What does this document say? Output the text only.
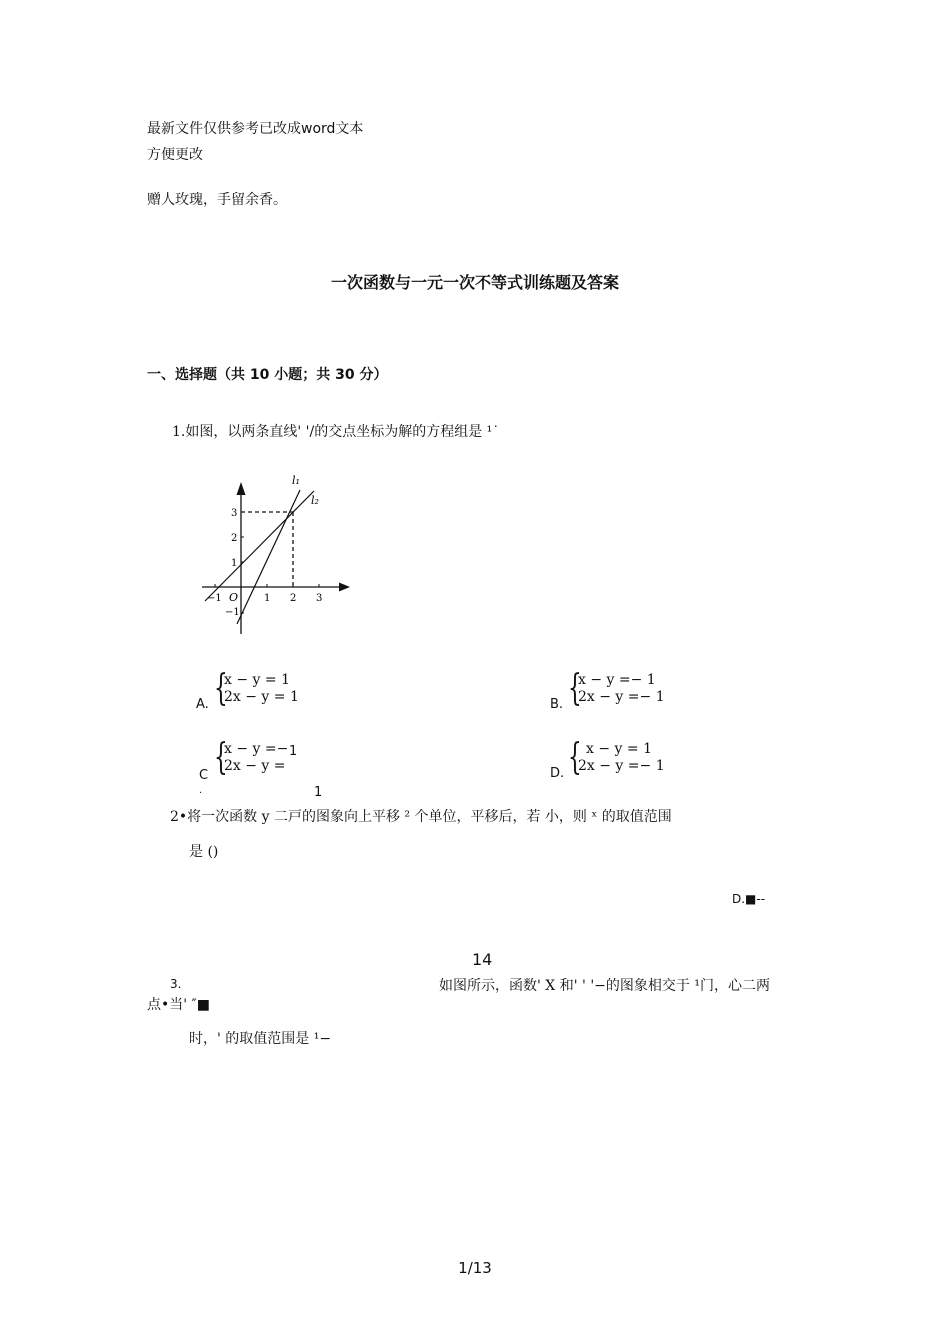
最新文件仅供参考已改成word文本
方便更改
赠人玫瑰，手留余香。
一次函数与一元一次不等式训练题及答案
一、选择题（共 10 小题；共 30 分）
1.如图，以两条直线' '/的交点坐标为解的方程组是 ¹˙
l₁
l₂
O
−1	1 2 3
3
2
1
−1
A. {
x − y = 1
2x − y = 1	B. {
x − y =− 1
2x − y =− 1
C
.
{
x − y =−
2x − y =
1
1
D. { x − y = 1
2x − y =− 1
2•将一次函数 y 二戸的图象向上平移 ² 个单位，平移后，若 小，则 ˣ 的取值范围
是 ()
D.■--
14
3.	如图所示，函数' X 和' ' '−的图象相交于 ¹门，心二两
点•当' ″■
时，' 的取值范围是 ¹−
1/13
